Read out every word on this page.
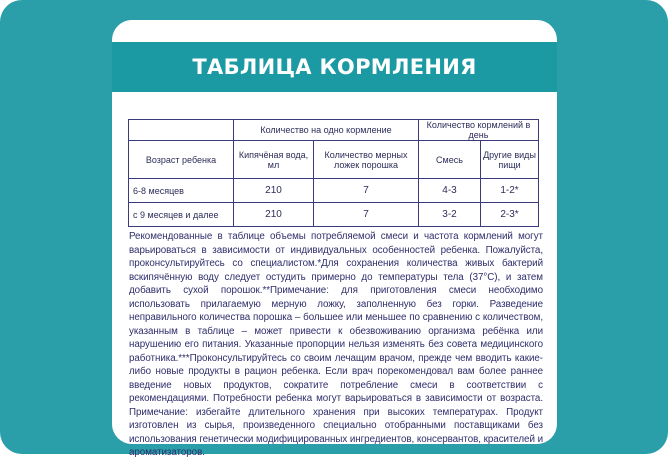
ТАБЛИЦА КОРМЛЕНИЯ
	Количество на одно кормление		Количество кормлений в день	
Возраст ребенка	Кипячёная вода, мл	Количество мерных ложек порошка	Смесь	Другие виды пищи
6-8 месяцев	210	7	4-3	1-2*
с 9 месяцев и далее	210	7	3-2	2-3*
Рекомендованные в таблице объемы потребляемой смеси и частота кормлений могут варьироваться в зависимости от индивидуальных особенностей ребенка. Пожалуйста, проконсультируйтесь со специалистом.*Для сохранения количества живых бактерий вскипячённую воду следует остудить примерно до температуры тела (37°С), и затем добавить сухой порошок.**Примечание: для приготовления смеси необходимо использовать прилагаемую мерную ложку, заполненную без горки. Разведение неправильного количества порошка – большее или меньшее по сравнению с количеством, указанным в таблице – может привести к обезвоживанию организма ребёнка или нарушению его питания. Указанные пропорции нельзя изменять без совета медицинского работника.***Проконсультируйтесь со своим лечащим врачом, прежде чем вводить какие-либо новые продукты в рацион ребенка. Если врач порекомендовал вам более раннее введение новых продуктов, сократите потребление смеси в соответствии с рекомендациями. Потребности ребенка могут варьироваться в зависимости от возраста. Примечание: избегайте длительного хранения при высоких температурах. Продукт изготовлен из сырья, произведенного специально отобранными поставщиками без использования генетически модифицированных ингредиентов, консервантов, красителей и ароматизаторов.
